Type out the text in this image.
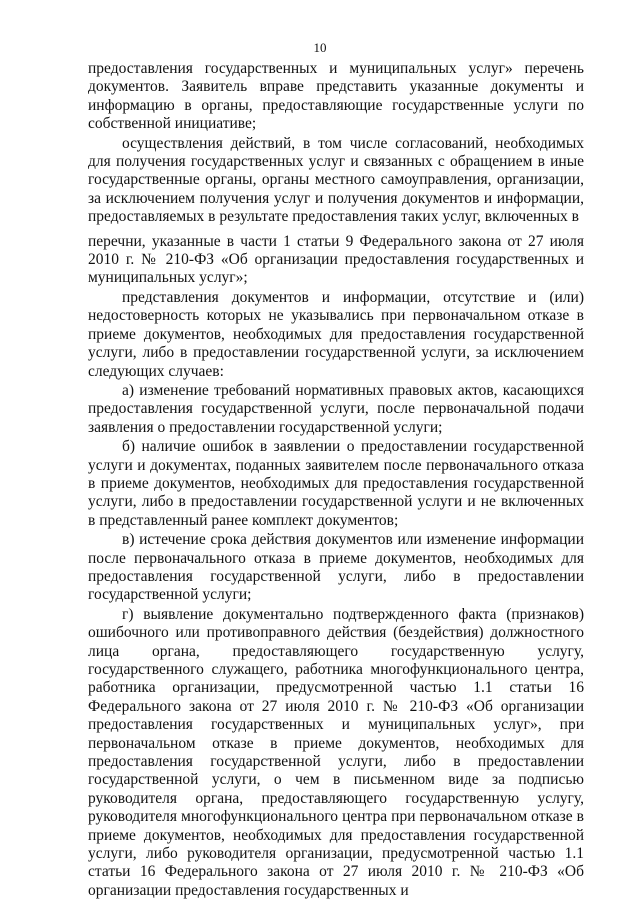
10

предоставления государственных и муниципальных услуг» перечень документов. Заявитель вправе представить указанные документы и информацию в органы, предоставляющие государственные услуги по собственной инициативе;

осуществления действий, в том числе согласований, необходимых для получения государственных услуг и связанных с обращением в иные государственные органы, органы местного самоуправления, организации, за исключением получения услуг и получения документов и информации, предоставляемых в результате предоставления таких услуг, включенных в

перечни, указанные в части 1 статьи 9 Федерального закона от 27 июля 2010 г. № 210-ФЗ «Об организации предоставления государственных и муниципальных услуг»;

представления документов и информации, отсутствие и (или) недостоверность которых не указывались при первоначальном отказе в приеме документов, необходимых для предоставления государственной услуги, либо в предоставлении государственной услуги, за исключением следующих случаев:

а) изменение требований нормативных правовых актов, касающихся предоставления государственной услуги, после первоначальной подачи заявления о предоставлении государственной услуги;

б) наличие ошибок в заявлении о предоставлении государственной услуги и документах, поданных заявителем после первоначального отказа в приеме документов, необходимых для предоставления государственной услуги, либо в предоставлении государственной услуги и не включенных в представленный ранее комплект документов;

в) истечение срока действия документов или изменение информации после первоначального отказа в приеме документов, необходимых для предоставления государственной услуги, либо в предоставлении государственной услуги;

г) выявление документально подтвержденного факта (признаков) ошибочного или противоправного действия (бездействия) должностного лица органа, предоставляющего государственную услугу, государственного служащего, работника многофункционального центра, работника организации, предусмотренной частью 1.1 статьи 16 Федерального закона от 27 июля 2010 г. № 210-ФЗ «Об организации предоставления государственных и муниципальных услуг», при первоначальном отказе в приеме документов, необходимых для предоставления государственной услуги, либо в предоставлении государственной услуги, о чем в письменном виде за подписью руководителя органа, предоставляющего государственную услугу, руководителя многофункционального центра при первоначальном отказе в приеме документов, необходимых для предоставления государственной услуги, либо руководителя организации, предусмотренной частью 1.1 статьи 16 Федерального закона от 27 июля 2010 г. № 210-ФЗ «Об организации предоставления государственных и
